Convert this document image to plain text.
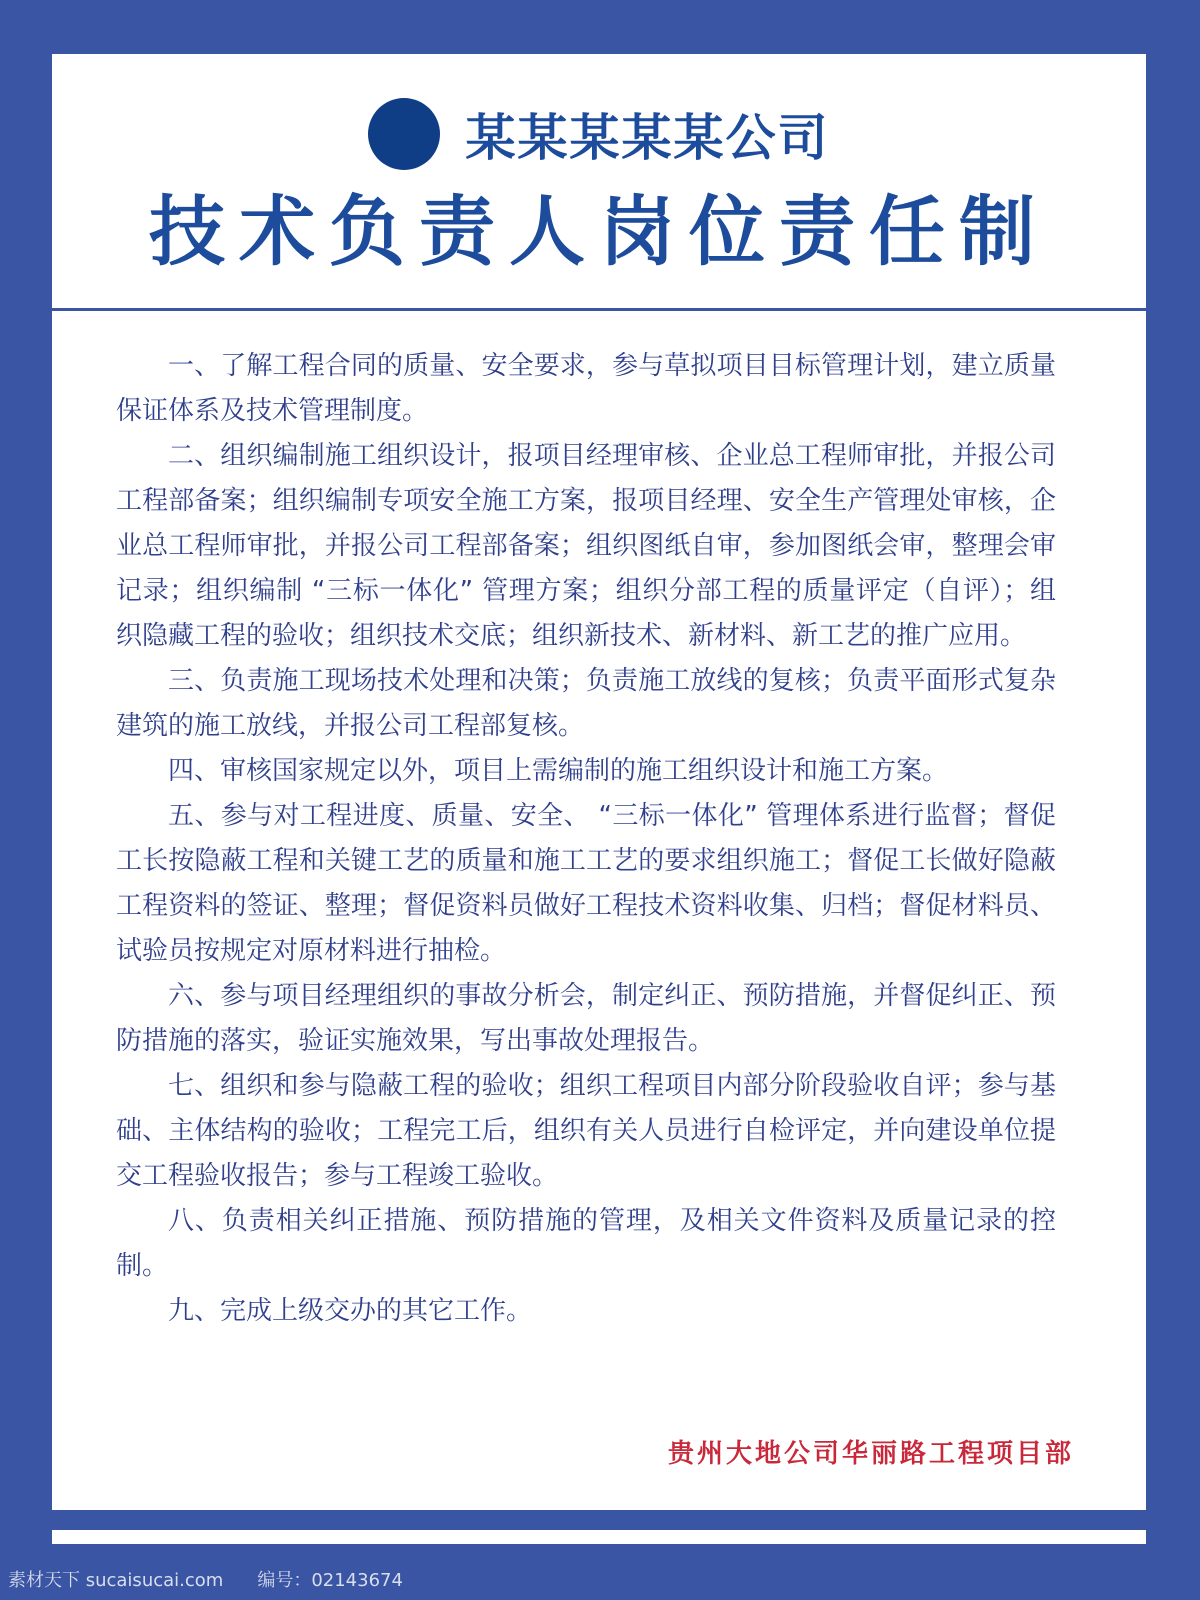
某某某某某公司
技术负责人岗位责任制

一、了解工程合同的质量、安全要求，参与草拟项目目标管理计划，建立质量保证体系及技术管理制度。

二、组织编制施工组织设计，报项目经理审核、企业总工程师审批，并报公司工程部备案；组织编制专项安全施工方案，报项目经理、安全生产管理处审核，企业总工程师审批，并报公司工程部备案；组织图纸自审，参加图纸会审，整理会审记录；组织编制 “三标一体化” 管理方案；组织分部工程的质量评定（自评）；组织隐藏工程的验收；组织技术交底；组织新技术、新材料、新工艺的推广应用。

三、负责施工现场技术处理和决策；负责施工放线的复核；负责平面形式复杂建筑的施工放线，并报公司工程部复核。

四、审核国家规定以外，项目上需编制的施工组织设计和施工方案。

五、参与对工程进度、质量、安全、 “三标一体化” 管理体系进行监督；督促工长按隐蔽工程和关键工艺的质量和施工工艺的要求组织施工；督促工长做好隐蔽工程资料的签证、整理；督促资料员做好工程技术资料收集、归档；督促材料员、试验员按规定对原材料进行抽检。

六、参与项目经理组织的事故分析会，制定纠正、预防措施，并督促纠正、预防措施的落实，验证实施效果，写出事故处理报告。

七、组织和参与隐蔽工程的验收；组织工程项目内部分阶段验收自评；参与基础、主体结构的验收；工程完工后，组织有关人员进行自检评定，并向建设单位提交工程验收报告；参与工程竣工验收。

八、负责相关纠正措施、预防措施的管理，及相关文件资料及质量记录的控制。

九、完成上级交办的其它工作。

贵州大地公司华丽路工程项目部
素材天下 sucaisucai.com 编号：02143674
